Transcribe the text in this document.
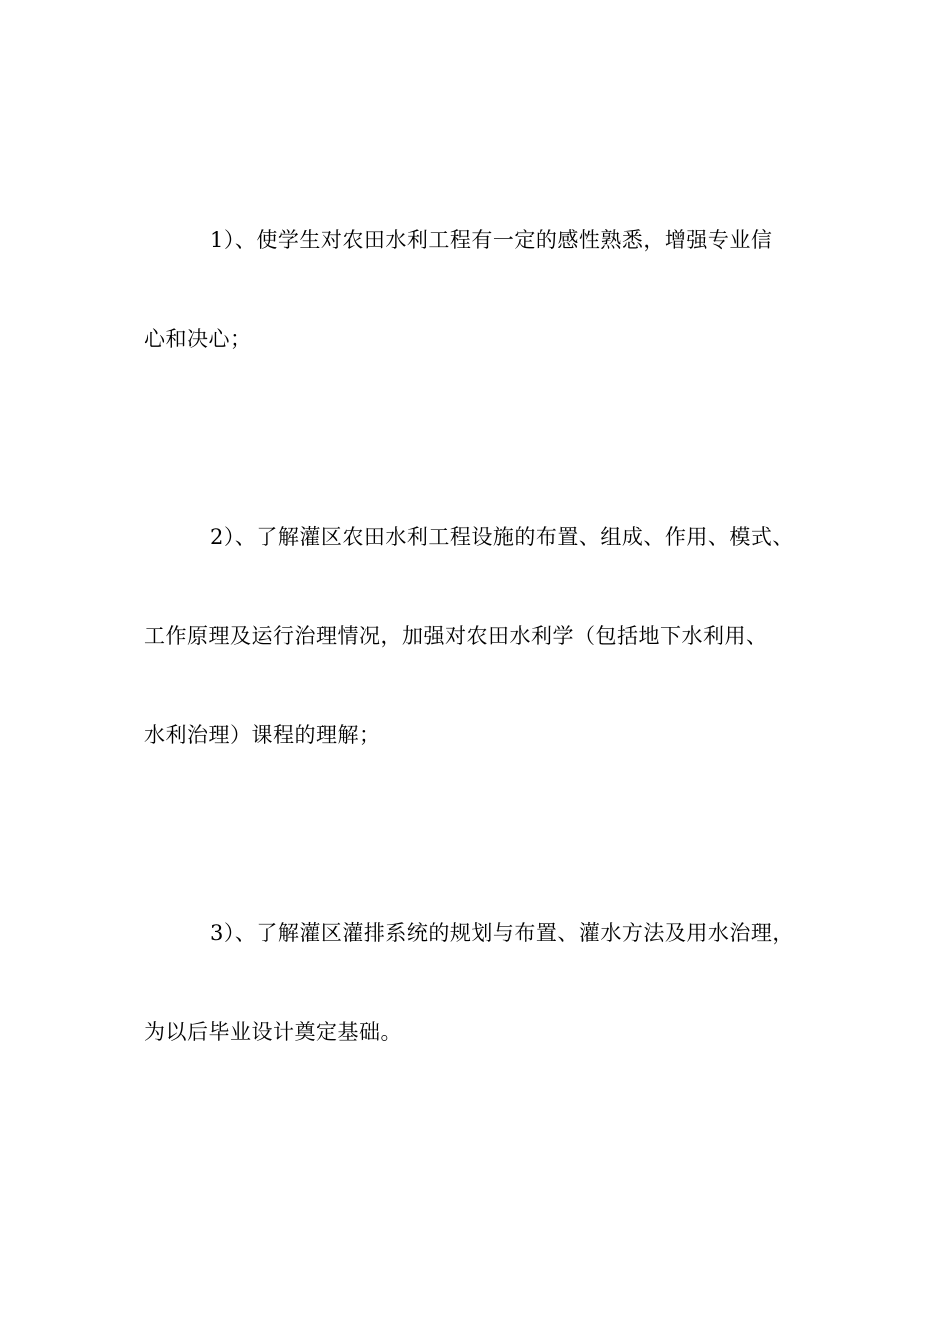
1）、使学生对农田水利工程有一定的感性熟悉，增强专业信
心和决心；
2）、了解灌区农田水利工程设施的布置、组成、作用、模式、
工作原理及运行治理情况，加强对农田水利学（包括地下水利用、
水利治理）课程的理解；
3）、了解灌区灌排系统的规划与布置、灌水方法及用水治理，
为以后毕业设计奠定基础。
